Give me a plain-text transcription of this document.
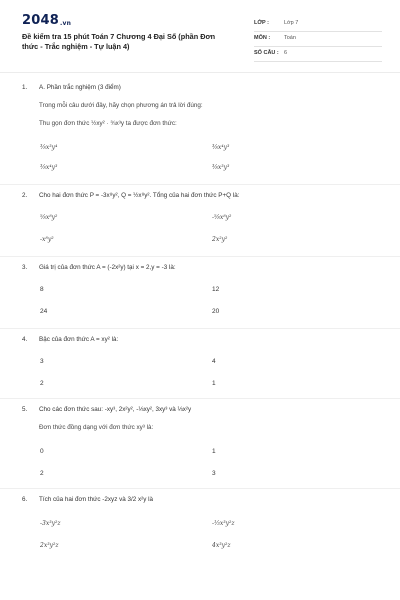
2048.vn
Đề kiểm tra 15 phút Toán 7 Chương 4 Đại Số (phần Đơn thức - Trắc nghiệm - Tự luận 4)
LỚP :	Lớp 7
MÔN :	Toán
SỐ CÂU : 6
1. A. Phần trắc nghiệm (3 điểm)
Trong mỗi câu dưới đây, hãy chọn phương án trả lời đúng:
Thu gọn đơn thức ½xy² · ¾x³y ta được đơn thức:
⅜x³y⁴	⅜x⁴y³
⅜x⁴y³	⅜x³y³
2. Cho hai đơn thức P = -3x⁸y², Q = ½x⁸y². Tổng của hai đơn thức P+Q là:
⅝x⁸y²	-⅝x⁸y²
-x⁸y²	2x²y²
3. Giá trị của đơn thức A = (-2x²y) tại x = 2,y = -3 là:
8	12
24	20
4. Bậc của đơn thức A = xy² là:
3	4
2	1
5. Cho các đơn thức sau: -xy³, 2x²y², -⅓xy², 3xy³ và ⅓x²y
Đơn thức đồng dạng với đơn thức xy³ là:
0	1
2	3
6. Tích của hai đơn thức -2xyz và 3/2 x²y là
-3x³y²z	-⅓x³y²z
2x³y²z	4x³y²z
